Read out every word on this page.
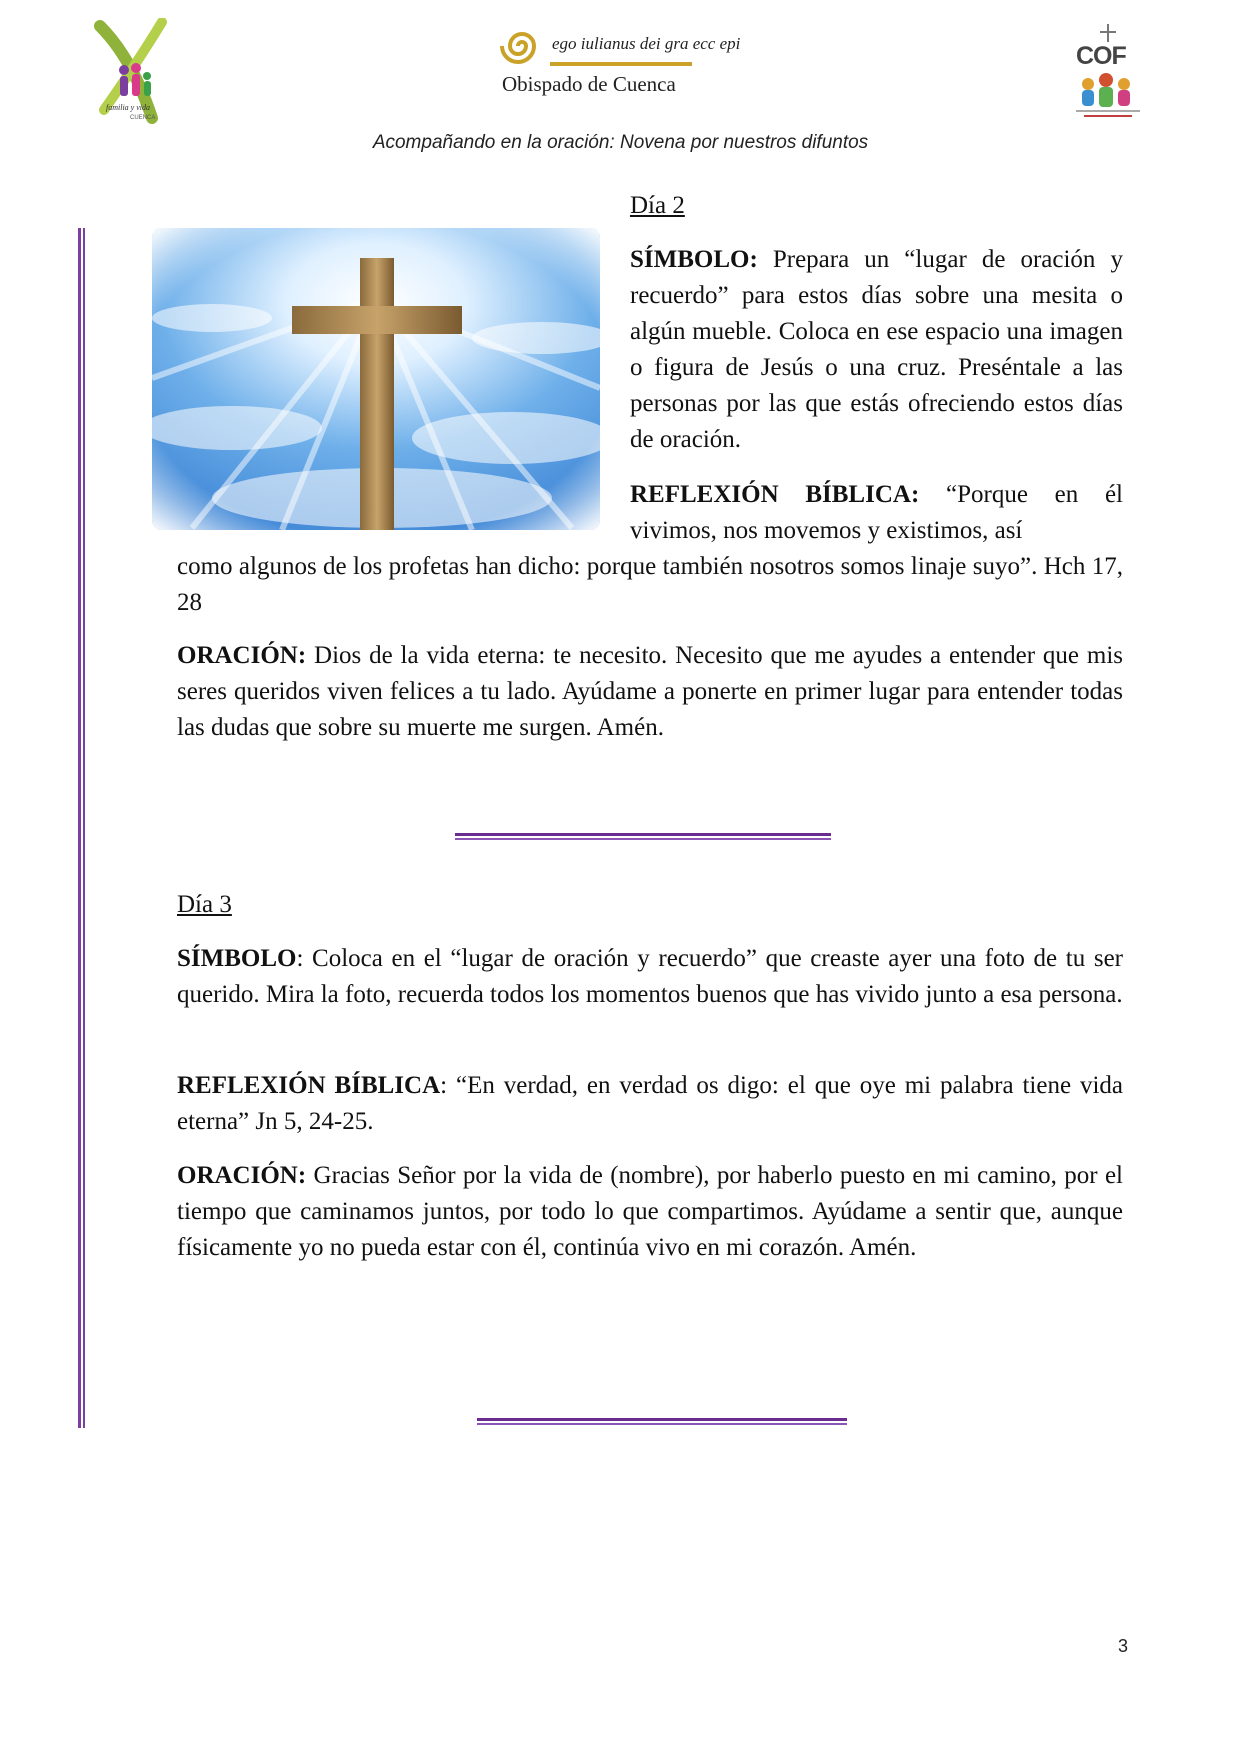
familia y vida
CUENCA
ego iulianus dei gra ecc epi
Obispado de Cuenca
COF
Acompañando en la oración: Novena por nuestros difuntos
Día 2
SÍMBOLO: Prepara un “lugar de oración y recuerdo” para estos días sobre una mesita o algún mueble. Coloca en ese espacio una imagen o figura de Jesús o una cruz. Preséntale a las personas por las que estás ofreciendo estos días de oración.
REFLEXIÓN BÍBLICA: “Porque en él vivimos, nos movemos y existimos, así
como algunos de los profetas han dicho: porque también nosotros somos linaje suyo”. Hch 17, 28
ORACIÓN: Dios de la vida eterna: te necesito. Necesito que me ayudes a entender que mis seres queridos viven felices a tu lado. Ayúdame a ponerte en primer lugar para entender todas las dudas que sobre su muerte me surgen. Amén.
Día 3
SÍMBOLO: Coloca en el “lugar de oración y recuerdo” que creaste ayer una foto de tu ser querido. Mira la foto, recuerda todos los momentos buenos que has vivido junto a esa persona.
REFLEXIÓN BÍBLICA: “En verdad, en verdad os digo: el que oye mi palabra tiene vida eterna” Jn 5, 24-25.
ORACIÓN: Gracias Señor por la vida de (nombre), por haberlo puesto en mi camino, por el tiempo que caminamos juntos, por todo lo que compartimos. Ayúdame a sentir que, aunque físicamente yo no pueda estar con él, continúa vivo en mi corazón. Amén.
3
